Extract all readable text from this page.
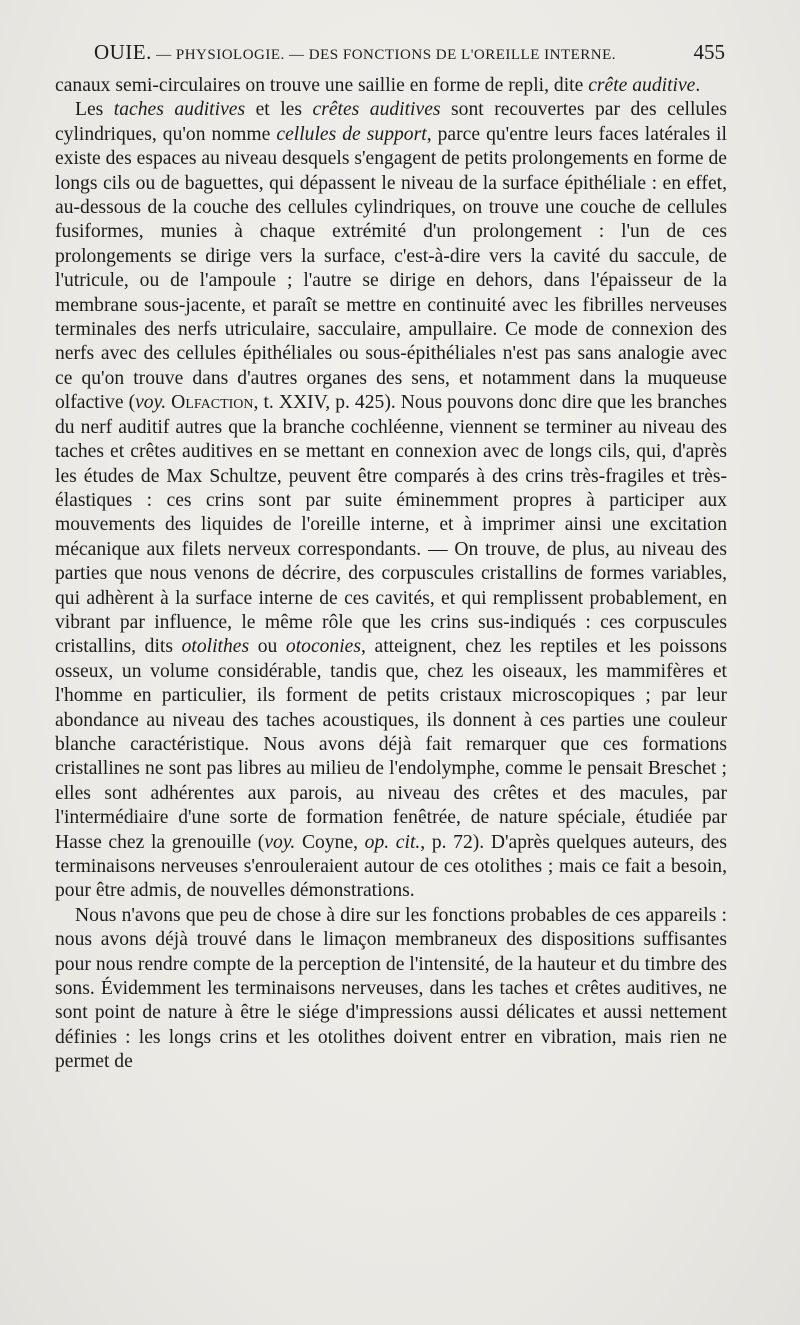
OUIE. — PHYSIOLOGIE. — DES FONCTIONS DE L'OREILLE INTERNE.	455

canaux semi-circulaires on trouve une saillie en forme de repli, dite crête auditive.

Les taches auditives et les crêtes auditives sont recouvertes par des cellules cylindriques, qu'on nomme cellules de support, parce qu'entre leurs faces latérales il existe des espaces au niveau desquels s'engagent de petits prolongements en forme de longs cils ou de baguettes, qui dépassent le niveau de la surface épithéliale : en effet, au-dessous de la couche des cellules cylindriques, on trouve une couche de cellules fusiformes, munies à chaque extrémité d'un prolongement : l'un de ces prolongements se dirige vers la surface, c'est-à-dire vers la cavité du saccule, de l'utricule, ou de l'ampoule ; l'autre se dirige en dehors, dans l'épaisseur de la membrane sous-jacente, et paraît se mettre en continuité avec les fibrilles nerveuses terminales des nerfs utriculaire, sacculaire, ampullaire. Ce mode de connexion des nerfs avec des cellules épithéliales ou sous-épithéliales n'est pas sans analogie avec ce qu'on trouve dans d'autres organes des sens, et notamment dans la muqueuse olfactive (voy. Olfaction, t. XXIV, p. 425). Nous pouvons donc dire que les branches du nerf auditif autres que la branche cochléenne, viennent se terminer au niveau des taches et crêtes auditives en se mettant en connexion avec de longs cils, qui, d'après les études de Max Schultze, peuvent être comparés à des crins très-fragiles et très-élastiques : ces crins sont par suite éminemment propres à participer aux mouvements des liquides de l'oreille interne, et à imprimer ainsi une excitation mécanique aux filets nerveux correspondants. — On trouve, de plus, au niveau des parties que nous venons de décrire, des corpuscules cristallins de formes variables, qui adhèrent à la surface interne de ces cavités, et qui remplissent probablement, en vibrant par influence, le même rôle que les crins sus-indiqués : ces corpuscules cristallins, dits otolithes ou otoconies, atteignent, chez les reptiles et les poissons osseux, un volume considérable, tandis que, chez les oiseaux, les mammifères et l'homme en particulier, ils forment de petits cristaux microscopiques ; par leur abondance au niveau des taches acoustiques, ils donnent à ces parties une couleur blanche caractéristique. Nous avons déjà fait remarquer que ces formations cristallines ne sont pas libres au milieu de l'endolymphe, comme le pensait Breschet ; elles sont adhérentes aux parois, au niveau des crêtes et des macules, par l'intermédiaire d'une sorte de formation fenêtrée, de nature spéciale, étudiée par Hasse chez la grenouille (voy. Coyne, op. cit., p. 72). D'après quelques auteurs, des terminaisons nerveuses s'enrouleraient autour de ces otolithes ; mais ce fait a besoin, pour être admis, de nouvelles démonstrations.

Nous n'avons que peu de chose à dire sur les fonctions probables de ces appareils : nous avons déjà trouvé dans le limaçon membraneux des dispositions suffisantes pour nous rendre compte de la perception de l'intensité, de la hauteur et du timbre des sons. Évidemment les terminaisons nerveuses, dans les taches et crêtes auditives, ne sont point de nature à être le siége d'impressions aussi délicates et aussi nettement définies : les longs crins et les otolithes doivent entrer en vibration, mais rien ne permet de
